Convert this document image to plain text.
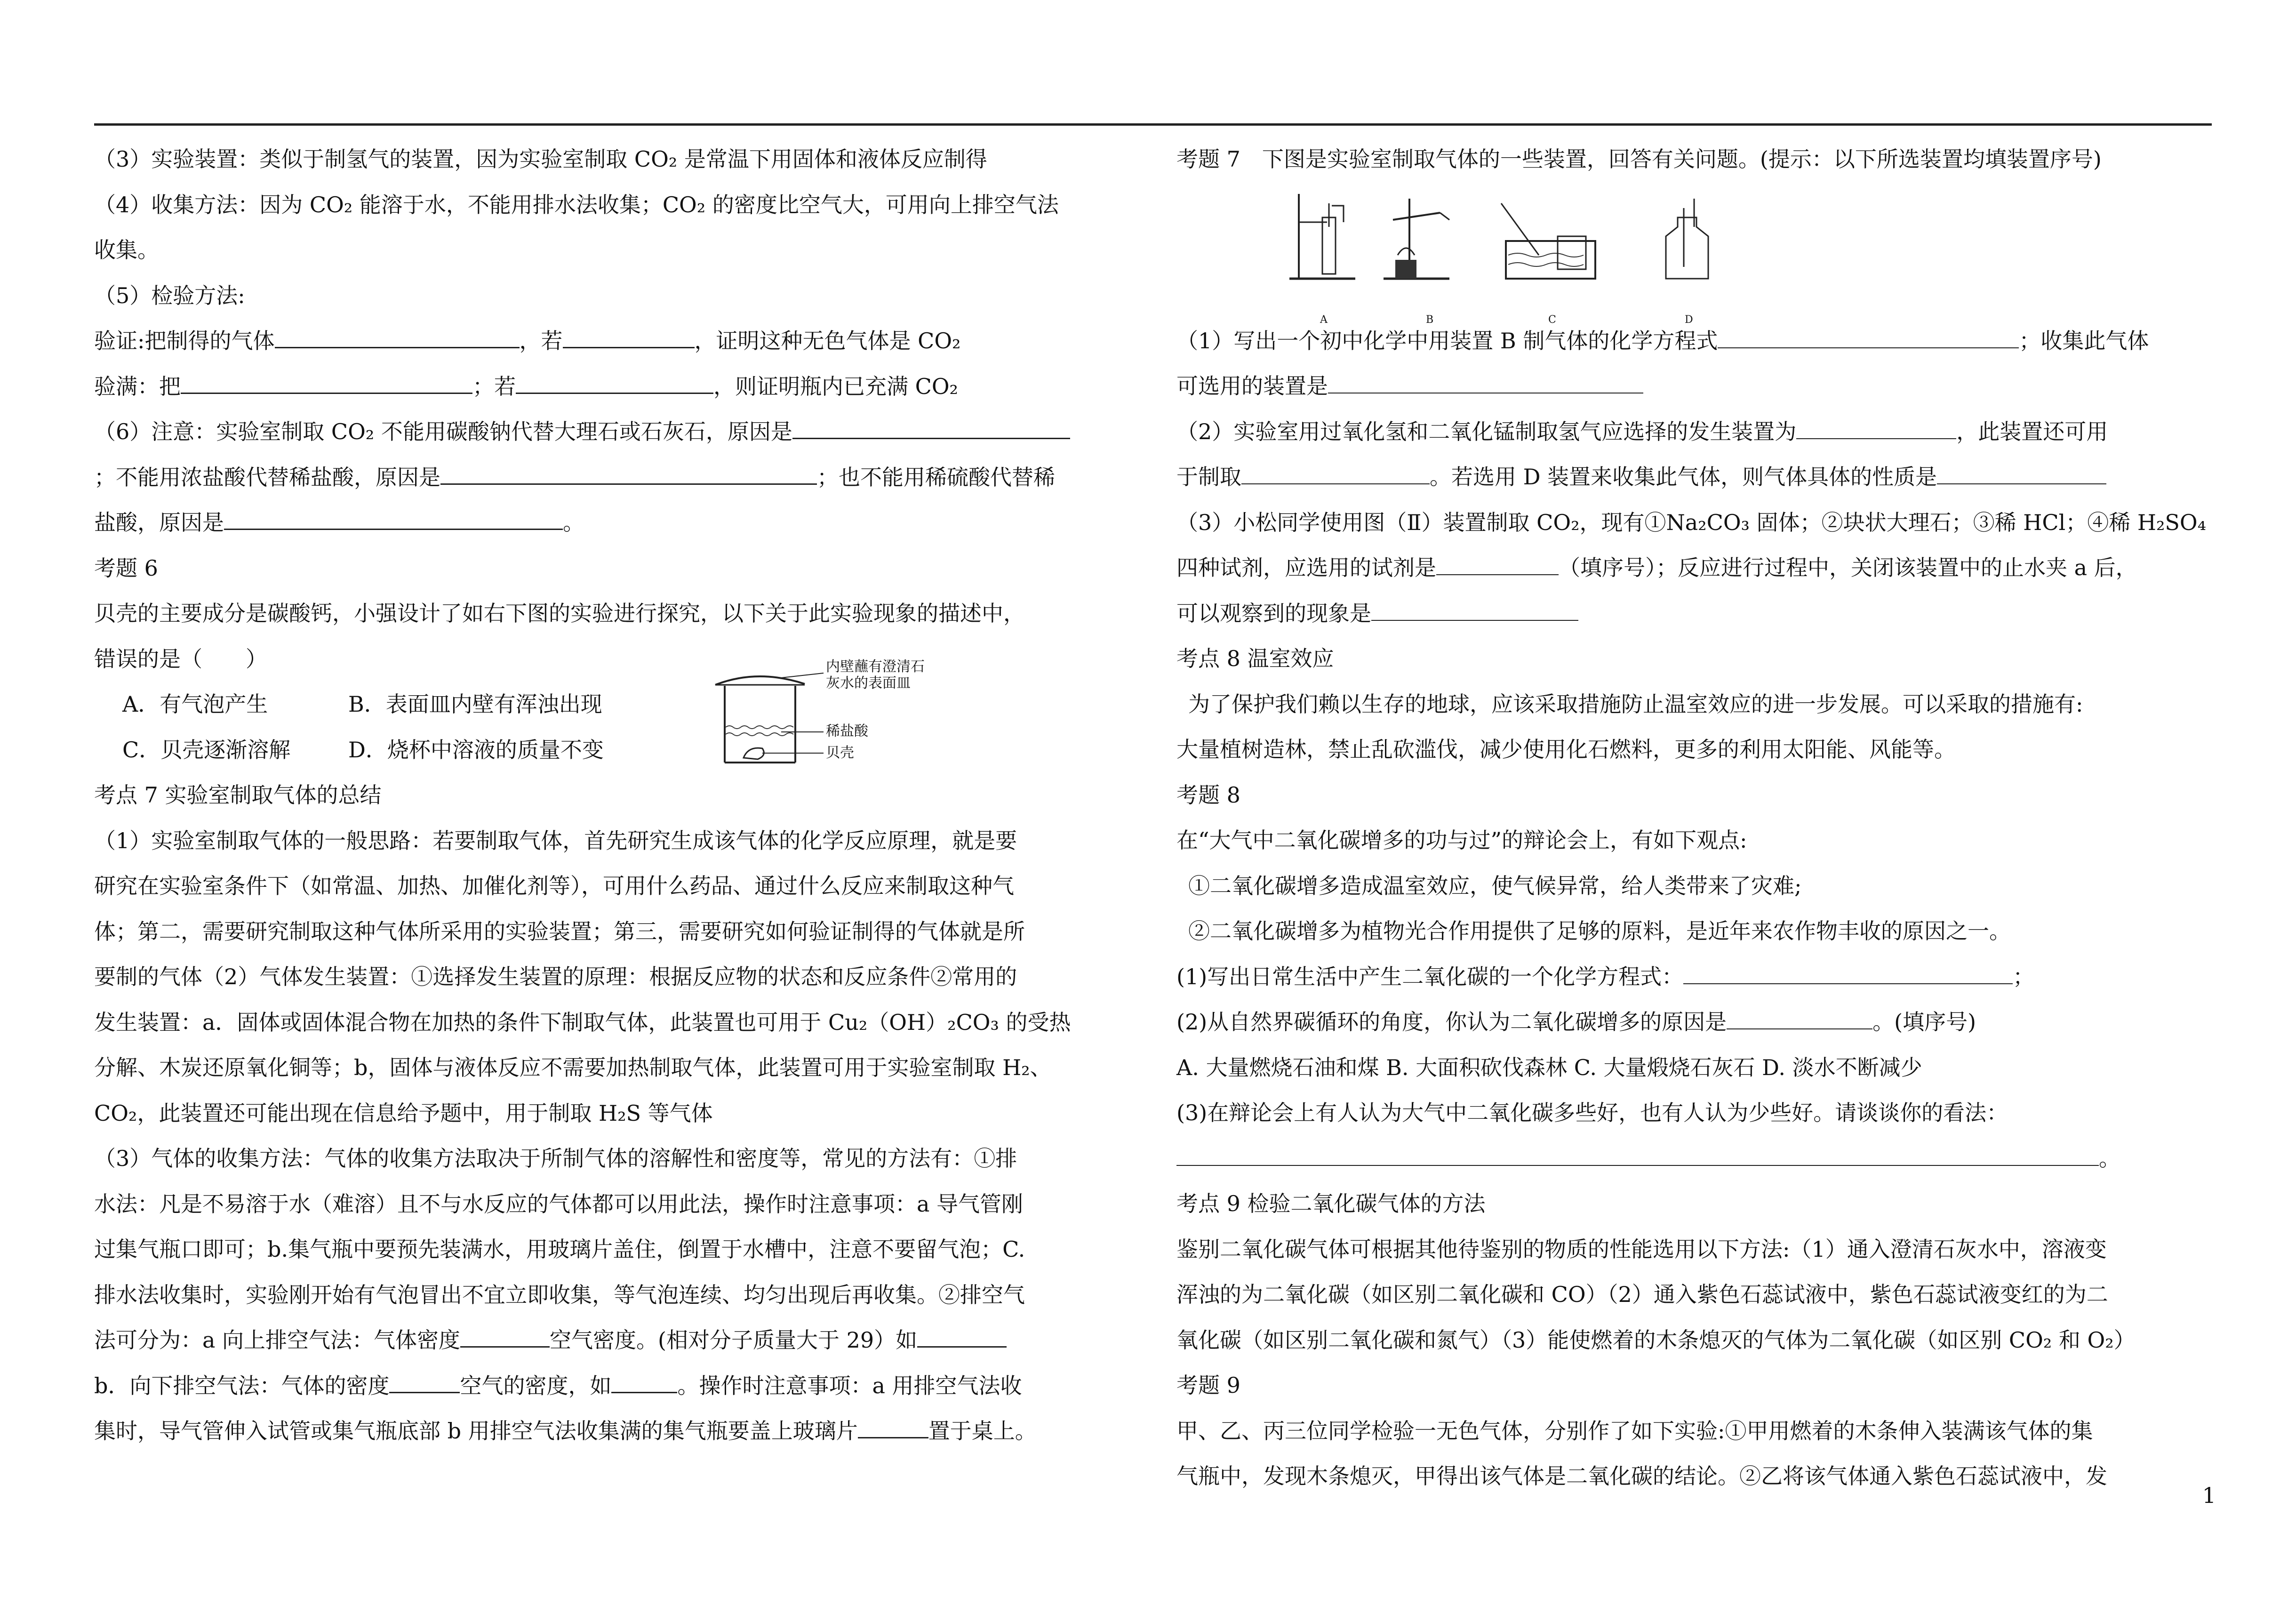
（3）实验装置：类似于制氢气的装置，因为实验室制取 CO₂ 是常温下用固体和液体反应制得
（4）收集方法：因为 CO₂ 能溶于水，不能用排水法收集；CO₂ 的密度比空气大，可用向上排空气法
收集。
（5）检验方法:
验证:把制得的气体	，若	，证明这种无色气体是 CO₂
验满：把	；若	，则证明瓶内已充满 CO₂
（6）注意：实验室制取 CO₂ 不能用碳酸钠代替大理石或石灰石，原因是
；不能用浓盐酸代替稀盐酸，原因是	；也不能用稀硫酸代替稀
盐酸，原因是	。
考题 6
贝壳的主要成分是碳酸钙，小强设计了如右下图的实验进行探究，以下关于此实验现象的描述中，
错误的是（　　）
A．有气泡产生	B．表面皿内壁有浑浊出现
C．贝壳逐渐溶解	D．烧杯中溶液的质量不变
考点 7 实验室制取气体的总结
（1）实验室制取气体的一般思路：若要制取气体，首先研究生成该气体的化学反应原理，就是要
研究在实验室条件下（如常温、加热、加催化剂等），可用什么药品、通过什么反应来制取这种气
体；第二，需要研究制取这种气体所采用的实验装置；第三，需要研究如何验证制得的气体就是所
要制的气体（2）气体发生装置：①选择发生装置的原理：根据反应物的状态和反应条件②常用的
发生装置：a．固体或固体混合物在加热的条件下制取气体，此装置也可用于 Cu₂（OH）₂CO₃ 的受热
分解、木炭还原氧化铜等；b，固体与液体反应不需要加热制取气体，此装置可用于实验室制取 H₂、
CO₂，此装置还可能出现在信息给予题中，用于制取 H₂S 等气体
（3）气体的收集方法：气体的收集方法取决于所制气体的溶解性和密度等，常见的方法有：①排
水法：凡是不易溶于水（难溶）且不与水反应的气体都可以用此法，操作时注意事项：a 导气管刚
过集气瓶口即可；b.集气瓶中要预先装满水，用玻璃片盖住，倒置于水槽中，注意不要留气泡；C.
排水法收集时，实验刚开始有气泡冒出不宜立即收集，等气泡连续、均匀出现后再收集。②排空气
法可分为：a 向上排空气法：气体密度	空气密度。(相对分子质量大于 29）如
b．向下排空气法：气体的密度	空气的密度，如	。操作时注意事项：a 用排空气法收
集时，导气管伸入试管或集气瓶底部 b 用排空气法收集满的集气瓶要盖上玻璃片	置于桌上。
内壁蘸有澄清石
灰水的表面皿
稀盐酸
贝壳
考题 7　下图是实验室制取气体的一些装置，回答有关问题。(提示：以下所选装置均填装置序号)
A	B	C	D
（1）写出一个初中化学中用装置 B 制气体的化学方程式	；收集此气体
可选用的装置是
（2）实验室用过氧化氢和二氧化锰制取氢气应选择的发生装置为	，此装置还可用
于制取	。若选用 D 装置来收集此气体，则气体具体的性质是
（3）小松同学使用图（Ⅱ）装置制取 CO₂，现有①Na₂CO₃ 固体；②块状大理石；③稀 HCl；④稀 H₂SO₄
四种试剂，应选用的试剂是	（填序号）；反应进行过程中，关闭该装置中的止水夹 a 后，
可以观察到的现象是
考点 8 温室效应
为了保护我们赖以生存的地球，应该采取措施防止温室效应的进一步发展。可以采取的措施有:
大量植树造林，禁止乱砍滥伐，减少使用化石燃料，更多的利用太阳能、风能等。
考题 8
在“大气中二氧化碳增多的功与过”的辩论会上，有如下观点:
①二氧化碳增多造成温室效应，使气候异常，给人类带来了灾难;
②二氧化碳增多为植物光合作用提供了足够的原料，是近年来农作物丰收的原因之一。
(1)写出日常生活中产生二氧化碳的一个化学方程式：	；
(2)从自然界碳循环的角度，你认为二氧化碳增多的原因是	。(填序号)
A. 大量燃烧石油和煤 B. 大面积砍伐森林 C. 大量煅烧石灰石 D. 淡水不断减少
(3)在辩论会上有人认为大气中二氧化碳多些好，也有人认为少些好。请谈谈你的看法：
。
考点 9 检验二氧化碳气体的方法
鉴别二氧化碳气体可根据其他待鉴别的物质的性能选用以下方法:（1）通入澄清石灰水中，溶液变
浑浊的为二氧化碳（如区别二氧化碳和 CO）（2）通入紫色石蕊试液中，紫色石蕊试液变红的为二
氧化碳（如区别二氧化碳和氮气）（3）能使燃着的木条熄灭的气体为二氧化碳（如区别 CO₂ 和 O₂）
考题 9
甲、乙、丙三位同学检验一无色气体，分别作了如下实验:①甲用燃着的木条伸入装满该气体的集
气瓶中，发现木条熄灭，甲得出该气体是二氧化碳的结论。②乙将该气体通入紫色石蕊试液中，发
1
